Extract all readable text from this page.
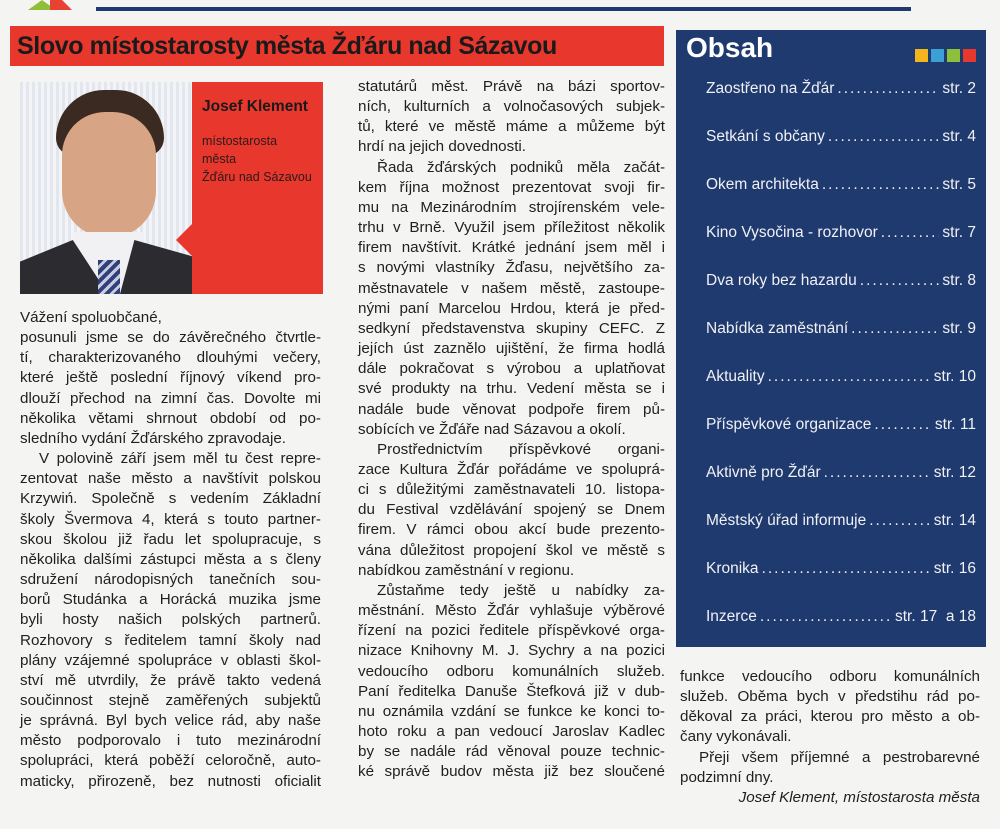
Slovo místostarosty města Žďáru nad Sázavou
Josef Klement
místostarosta
města
Žďáru nad Sázavou

Vážení spoluobčané,

posunuli jsme se do závěrečného čtvrtle-

tí, charakterizovaného dlouhými večery,

které ještě poslední říjnový víkend pro-

dlouží přechod na zimní čas. Dovolte mi

několika větami shrnout období od po-

sledního vydání Žďárského zpravodaje.

V polovině září jsem měl tu čest repre-

zentovat naše město a navštívit polskou

Krzywiń. Společně s vedením Základní

školy Švermova 4, která s touto partner-

skou školou již řadu let spolupracuje, s

několika dalšími zástupci města a s členy

sdružení národopisných tanečních sou-

borů Studánka a Horácká muzika jsme

byli hosty našich polských partnerů.

Rozhovory s ředitelem tamní školy nad

plány vzájemné spolupráce v oblasti škol-

ství mě utvrdily, že právě takto vedená

součinnost stejně zaměřených subjektů

je správná. Byl bych velice rád, aby naše

město podporovalo i tuto mezinárodní

spolupráci, která poběží celoročně, auto-

maticky, přirozeně, bez nutnosti oficialit

statutárů měst. Právě na bázi sportov-

ních, kulturních a volnočasových subjek-

tů, které ve městě máme a můžeme být

hrdí na jejich dovednosti.

Řada žďárských podniků měla začát-

kem října možnost prezentovat svoji fir-

mu na Mezinárodním strojírenském vele-

trhu v Brně. Využil jsem příležitost několik

firem navštívit. Krátké jednání jsem měl i

s novými vlastníky Žďasu, největšího za-

městnavatele v našem městě, zastoupe-

nými paní Marcelou Hrdou, která je před-

sedkyní představenstva skupiny CEFC. Z

jejích úst zaznělo ujištění, že firma hodlá

dále pokračovat s výrobou a uplatňovat

své produkty na trhu. Vedení města se i

nadále bude věnovat podpoře firem pů-

sobících ve Žďáře nad Sázavou a okolí.

Prostřednictvím příspěvkové organi-

zace Kultura Žďár pořádáme ve spoluprá-

ci s důležitými zaměstnavateli 10. listopa-

du Festival vzdělávání spojený se Dnem

firem. V rámci obou akcí bude prezento-

vána důležitost propojení škol ve městě s

nabídkou zaměstnání v regionu.

Zůstaňme tedy ještě u nabídky za-

městnání. Město Žďár vyhlašuje výběrové

řízení na pozici ředitele příspěvkové orga-

nizace Knihovny M. J. Sychry a na pozici

vedoucího odboru komunálních služeb.

Paní ředitelka Danuše Štefková již v dub-

nu oznámila vzdání se funkce ke konci to-

hoto roku a pan vedoucí Jaroslav Kadlec

by se nadále rád věnoval pouze technic-

ké správě budov města již bez sloučené

Obsah
Zaostřeno na Žďár .....	str. 2
Setkání s občany .....	str. 4
Okem architekta .....	str. 5
Kino Vysočina - rozhovor .....	str. 7
Dva roky bez hazardu .....	str. 8
Nabídka zaměstnání .....	str. 9
Aktuality .....	str. 10
Příspěvkové organizace .....	str. 11
Aktivně pro Žďár .....	str. 12
Městský úřad informuje .....	str. 14
Kronika .....	str. 16
Inzerce .....	str. 17  a 18

funkce vedoucího odboru komunálních

služeb. Oběma bych v předstihu rád po-

děkoval za práci, kterou pro město a ob-

čany vykonávali.

Přeji všem příjemné a pestrobarevné

podzimní dny.

Josef Klement, místostarosta města
